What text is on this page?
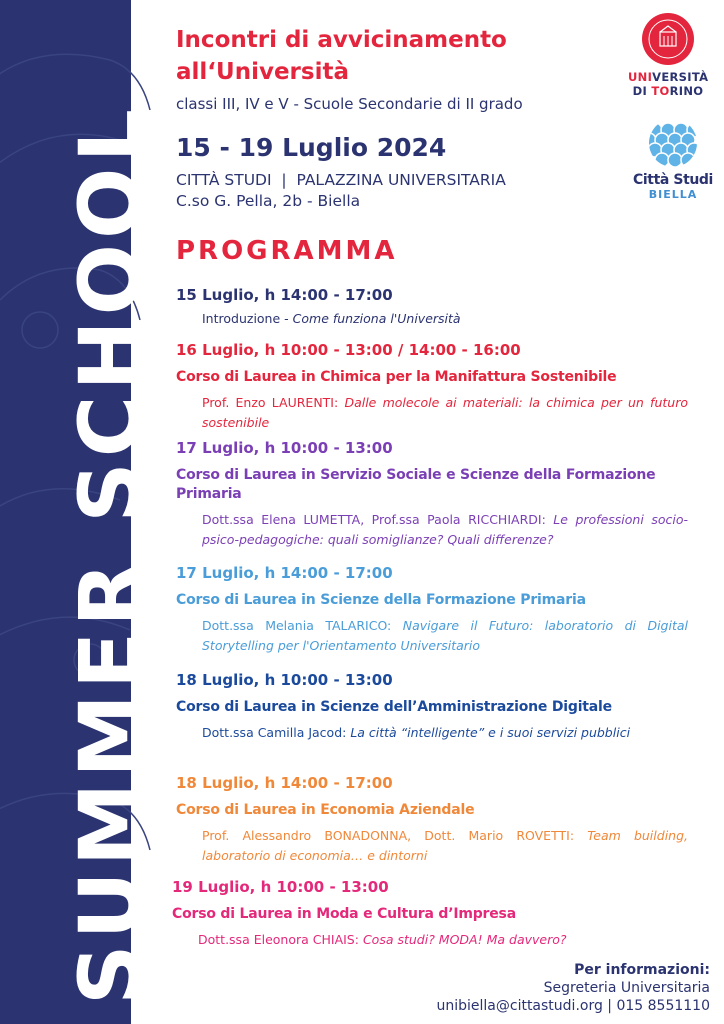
SUMMER SCHOOL
Incontri di avvicinamento all‘Università
classi III, IV e V - Scuole Secondarie di II grado
15 - 19 Luglio 2024
CITTÀ STUDI  |  PALAZZINA UNIVERSITARIA
C.so G. Pella, 2b - Biella
UNIVERSITÀ
DI TORINO
Città Studi
BIELLA
PROGRAMMA
15 Luglio, h 14:00 - 17:00
Introduzione - Come funziona l'Università
16 Luglio, h 10:00 - 13:00 / 14:00 - 16:00
Corso di Laurea in Chimica per la Manifattura Sostenibile
Prof. Enzo LAURENTI: Dalle molecole ai materiali: la chimica per un futuro sostenibile
17 Luglio, h 10:00 - 13:00
Corso di Laurea in Servizio Sociale e Scienze della Formazione Primaria
Dott.ssa Elena LUMETTA, Prof.ssa Paola RICCHIARDI: Le professioni socio-psico-pedagogiche: quali somiglianze? Quali differenze?
17 Luglio, h 14:00 - 17:00
Corso di Laurea in Scienze della Formazione Primaria
Dott.ssa Melania TALARICO: Navigare il Futuro: laboratorio di Digital Storytelling per l'Orientamento Universitario
18 Luglio, h 10:00 - 13:00
Corso di Laurea in Scienze dell’Amministrazione Digitale
Dott.ssa Camilla Jacod: La città “intelligente” e i suoi servizi pubblici
18 Luglio, h 14:00 - 17:00
Corso di Laurea in Economia Aziendale
Prof. Alessandro BONADONNA, Dott. Mario ROVETTI: Team building, laboratorio di economia… e dintorni
19 Luglio, h 10:00 - 13:00
Corso di Laurea in Moda e Cultura d’Impresa
Dott.ssa Eleonora CHIAIS: Cosa studi? MODA! Ma davvero?
Per informazioni:
Segreteria Universitaria
unibiella@cittastudi.org | 015 8551110
